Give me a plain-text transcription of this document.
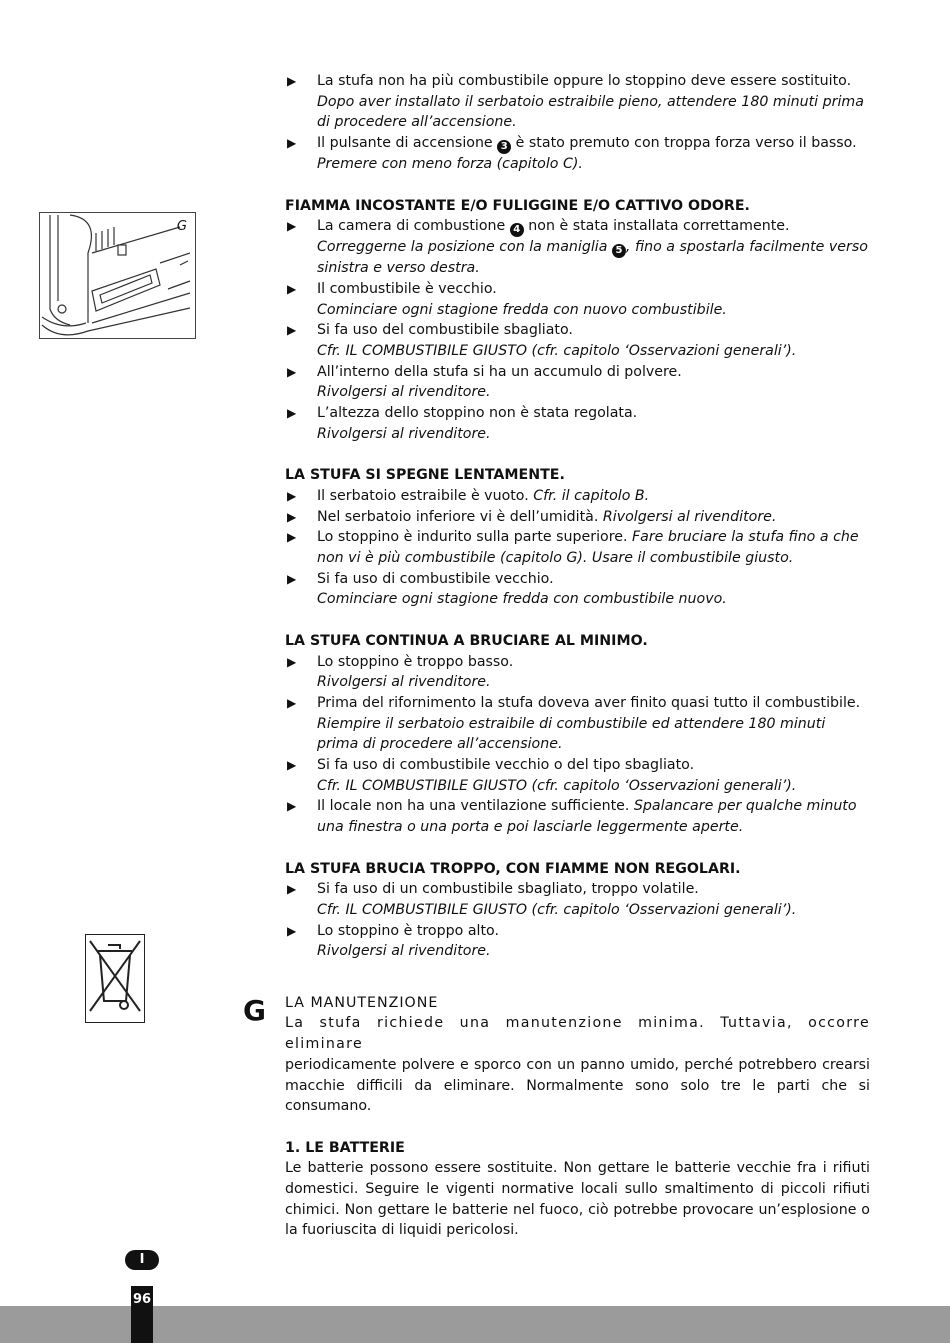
G
▶ La stufa non ha più combustibile oppure lo stoppino deve essere sostituito.
Dopo aver installato il serbatoio estraibile pieno, attendere 180 minuti prima di procedere all’accensione.
▶ Il pulsante di accensione 3 è stato premuto con troppa forza verso il basso.
Premere con meno forza (capitolo C).
FIAMMA INCOSTANTE E/O FULIGGINE E/O CATTIVO ODORE.
▶ La camera di combustione 4 non è stata installata correttamente.
Correggerne la posizione con la maniglia 5 , fino a spostarla facilmente verso sinistra e verso destra.
▶ Il combustibile è vecchio.
Cominciare ogni stagione fredda con nuovo combustibile.
▶ Si fa uso del combustibile sbagliato.
Cfr. IL COMBUSTIBILE GIUSTO (cfr. capitolo ‘Osservazioni generali’).
▶ All’interno della stufa si ha un accumulo di polvere.
Rivolgersi al rivenditore.
▶ L’altezza dello stoppino non è stata regolata.
Rivolgersi al rivenditore.
LA STUFA SI SPEGNE LENTAMENTE.
▶ Il serbatoio estraibile è vuoto. Cfr. il capitolo B.
▶ Nel serbatoio inferiore vi è dell’umidità. Rivolgersi al rivenditore.
▶ Lo stoppino è indurito sulla parte superiore. Fare bruciare la stufa fino a che non vi è più combustibile (capitolo G). Usare il combustibile giusto.
▶ Si fa uso di combustibile vecchio.
Cominciare ogni stagione fredda con combustibile nuovo.
LA STUFA CONTINUA A BRUCIARE AL MINIMO.
▶ Lo stoppino è troppo basso.
Rivolgersi al rivenditore.
▶ Prima del rifornimento la stufa doveva aver finito quasi tutto il combustibile.
Riempire il serbatoio estraibile di combustibile ed attendere 180 minuti prima di procedere all’accensione.
▶ Si fa uso di combustibile vecchio o del tipo sbagliato.
Cfr. IL COMBUSTIBILE GIUSTO (cfr. capitolo ‘Osservazioni generali’).
▶ Il locale non ha una ventilazione sufficiente. Spalancare per qualche minuto una finestra o una porta e poi lasciarle leggermente aperte.
LA STUFA BRUCIA TROPPO, CON FIAMME NON REGOLARI.
▶ Si fa uso di un combustibile sbagliato, troppo volatile.
Cfr. IL COMBUSTIBILE GIUSTO (cfr. capitolo ‘Osservazioni generali’).
▶ Lo stoppino è troppo alto.
Rivolgersi al rivenditore.
LA MANUTENZIONE
La stufa richiede una manutenzione minima. Tuttavia, occorre eliminare
periodicamente polvere e sporco con un panno umido, perché potrebbero crearsi macchie difficili da eliminare. Normalmente sono solo tre le parti che si consumano.
1. LE BATTERIE
Le batterie possono essere sostituite. Non gettare le batterie vecchie fra i rifiuti domestici. Seguire le vigenti normative locali sullo smaltimento di piccoli rifiuti chimici. Non gettare le batterie nel fuoco, ciò potrebbe provocare un’esplosione o la fuoriuscita di liquidi pericolosi.
G
I
96
